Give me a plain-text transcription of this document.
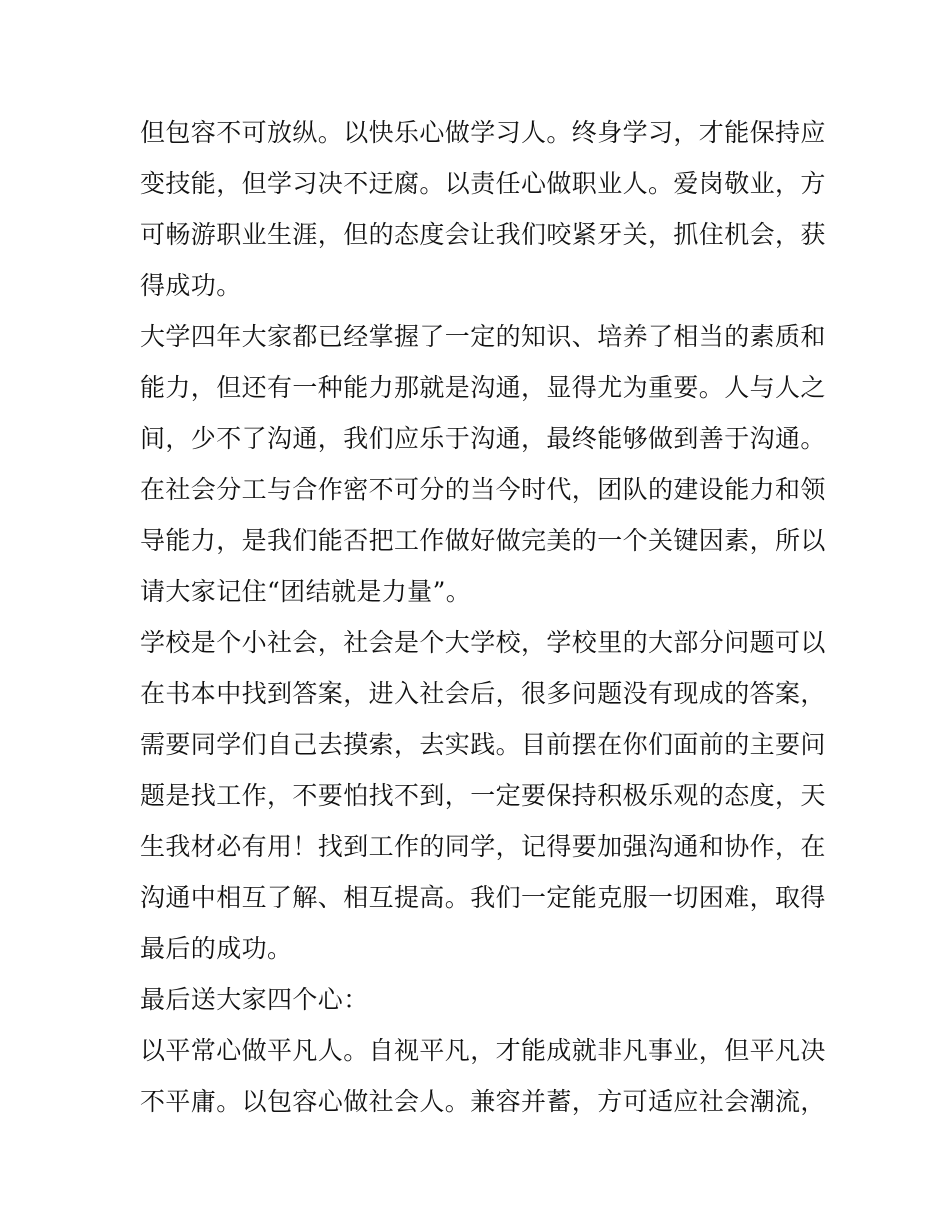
但包容不可放纵。以快乐心做学习人。终身学习，才能保持应
变技能，但学习决不迂腐。以责任心做职业人。爱岗敬业，方
可畅游职业生涯，但的态度会让我们咬紧牙关，抓住机会，获
得成功。
大学四年大家都已经掌握了一定的知识、培养了相当的素质和
能力，但还有一种能力那就是沟通，显得尤为重要。人与人之
间，少不了沟通，我们应乐于沟通，最终能够做到善于沟通。
在社会分工与合作密不可分的当今时代，团队的建设能力和领
导能力，是我们能否把工作做好做完美的一个关键因素，所以
请大家记住“团结就是力量”。
学校是个小社会，社会是个大学校，学校里的大部分问题可以
在书本中找到答案，进入社会后，很多问题没有现成的答案，
需要同学们自己去摸索，去实践。目前摆在你们面前的主要问
题是找工作，不要怕找不到，一定要保持积极乐观的态度，天
生我材必有用！找到工作的同学，记得要加强沟通和协作，在
沟通中相互了解、相互提高。我们一定能克服一切困难，取得
最后的成功。
最后送大家四个心：
以平常心做平凡人。自视平凡，才能成就非凡事业，但平凡决
不平庸。以包容心做社会人。兼容并蓄，方可适应社会潮流，
